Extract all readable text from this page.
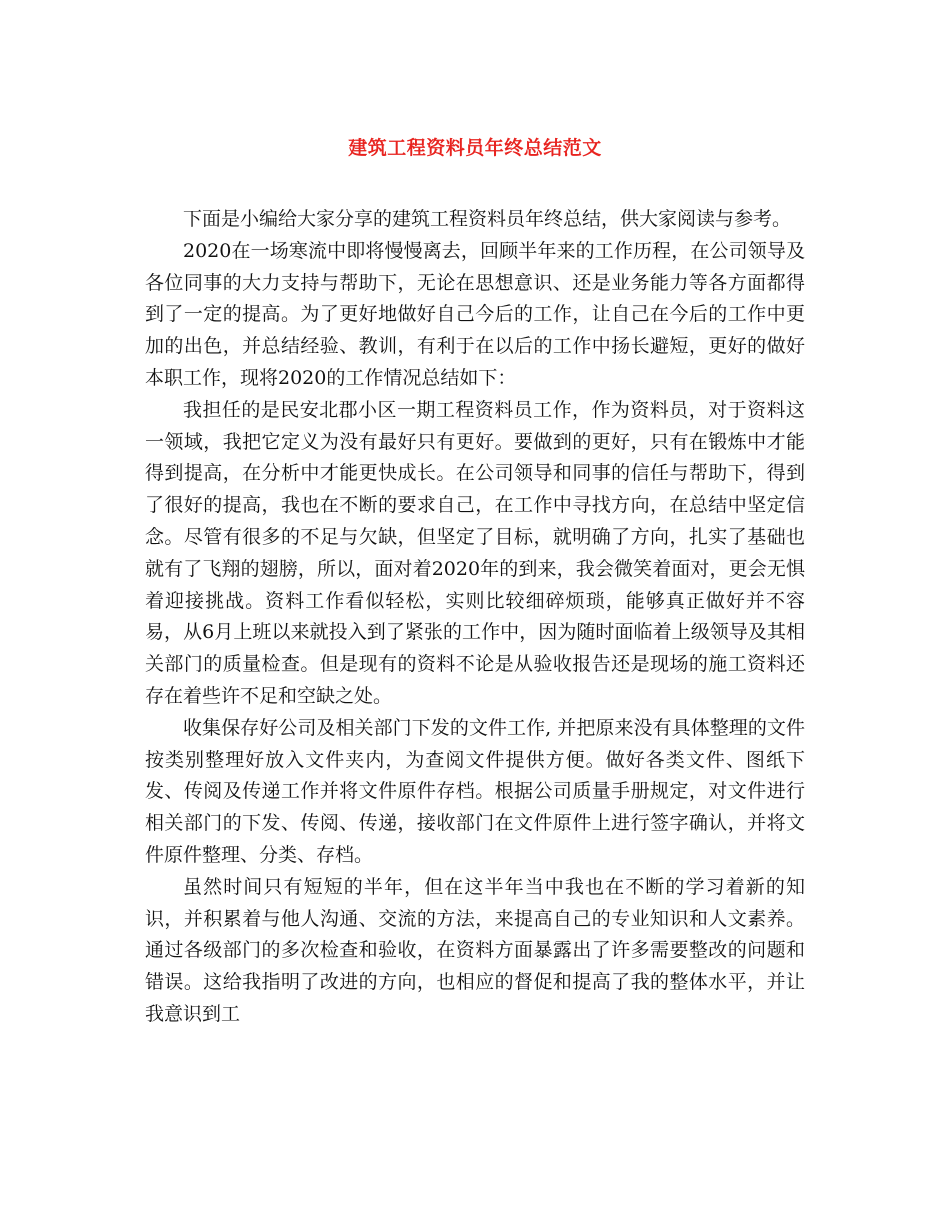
建筑工程资料员年终总结范文

下面是小编给大家分享的建筑工程资料员年终总结，供大家阅读与参考。

2020在一场寒流中即将慢慢离去，回顾半年来的工作历程，在公司领导及各位同事的大力支持与帮助下，无论在思想意识、还是业务能力等各方面都得到了一定的提高。为了更好地做好自己今后的工作，让自己在今后的工作中更加的出色，并总结经验、教训，有利于在以后的工作中扬长避短，更好的做好本职工作，现将2020的工作情况总结如下：

我担任的是民安北郡小区一期工程资料员工作，作为资料员，对于资料这一领域，我把它定义为没有最好只有更好。要做到的更好，只有在锻炼中才能得到提高，在分析中才能更快成长。在公司领导和同事的信任与帮助下，得到了很好的提高，我也在不断的要求自己，在工作中寻找方向，在总结中坚定信念。尽管有很多的不足与欠缺，但坚定了目标，就明确了方向，扎实了基础也就有了飞翔的翅膀，所以，面对着2020年的到来，我会微笑着面对，更会无惧着迎接挑战。资料工作看似轻松，实则比较细碎烦琐，能够真正做好并不容易，从6月上班以来就投入到了紧张的工作中，因为随时面临着上级领导及其相关部门的质量检查。但是现有的资料不论是从验收报告还是现场的施工资料还存在着些许不足和空缺之处。

收集保存好公司及相关部门下发的文件工作, 并把原来没有具体整理的文件按类别整理好放入文件夹内，为查阅文件提供方便。做好各类文件、图纸下发、传阅及传递工作并将文件原件存档。根据公司质量手册规定，对文件进行相关部门的下发、传阅、传递，接收部门在文件原件上进行签字确认，并将文件原件整理、分类、存档。

虽然时间只有短短的半年，但在这半年当中我也在不断的学习着新的知识，并积累着与他人沟通、交流的方法，来提高自己的专业知识和人文素养。通过各级部门的多次检查和验收，在资料方面暴露出了许多需要整改的问题和错误。这给我指明了改进的方向，也相应的督促和提高了我的整体水平，并让我意识到工
